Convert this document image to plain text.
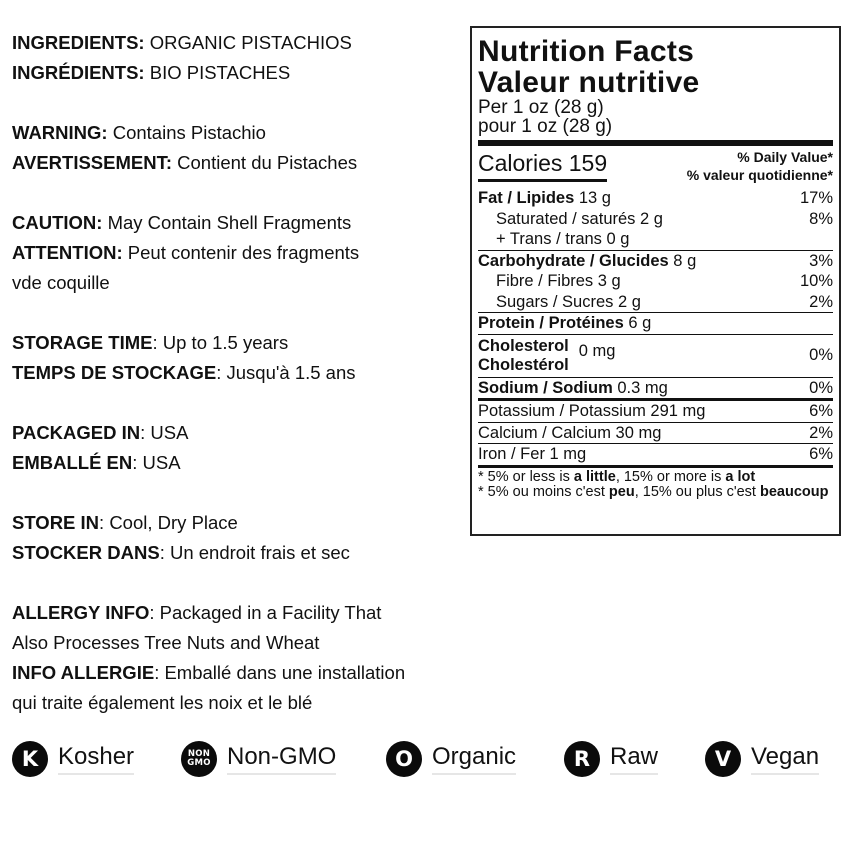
INGREDIENTS: ORGANIC PISTACHIOS
INGRÉDIENTS: BIO PISTACHES
WARNING: Contains Pistachio
AVERTISSEMENT: Contient du Pistaches
CAUTION: May Contain Shell Fragments
ATTENTION: Peut contenir des fragments
vde coquille
STORAGE TIME: Up to 1.5 years
TEMPS DE STOCKAGE: Jusqu'à 1.5 ans
PACKAGED IN: USA
EMBALLÉ EN: USA
STORE IN: Cool, Dry Place
STOCKER DANS: Un endroit frais et sec
ALLERGY INFO: Packaged in a Facility That
Also Processes Tree Nuts and Wheat
INFO ALLERGIE: Emballé dans une installation
qui traite également les noix et le blé
Nutrition Facts
Valeur nutritive
Per 1 oz (28 g)
pour 1 oz (28 g)
Calories 159	% Daily Value*
% valeur quotidienne*
Fat / Lipides 13 g	17%
Saturated / saturés 2 g	8%
+ Trans / trans 0 g
Carbohydrate / Glucides 8 g	3%
Fibre / Fibres 3 g	10%
Sugars / Sucres 2 g	2%
Protein / Protéines 6 g
Cholesterol
Cholestérol
0 mg	0%
Sodium / Sodium 0.3 mg	0%
Potassium / Potassium 291 mg	6%
Calcium / Calcium 30 mg	2%
Iron / Fer 1 mg	6%
* 5% or less is a little, 15% or more is a lot
* 5% ou moins c'est peu, 15% ou plus c'est beaucoup
K Kosher	NON
GMO Non-GMO	O Organic	R Raw	V Vegan
